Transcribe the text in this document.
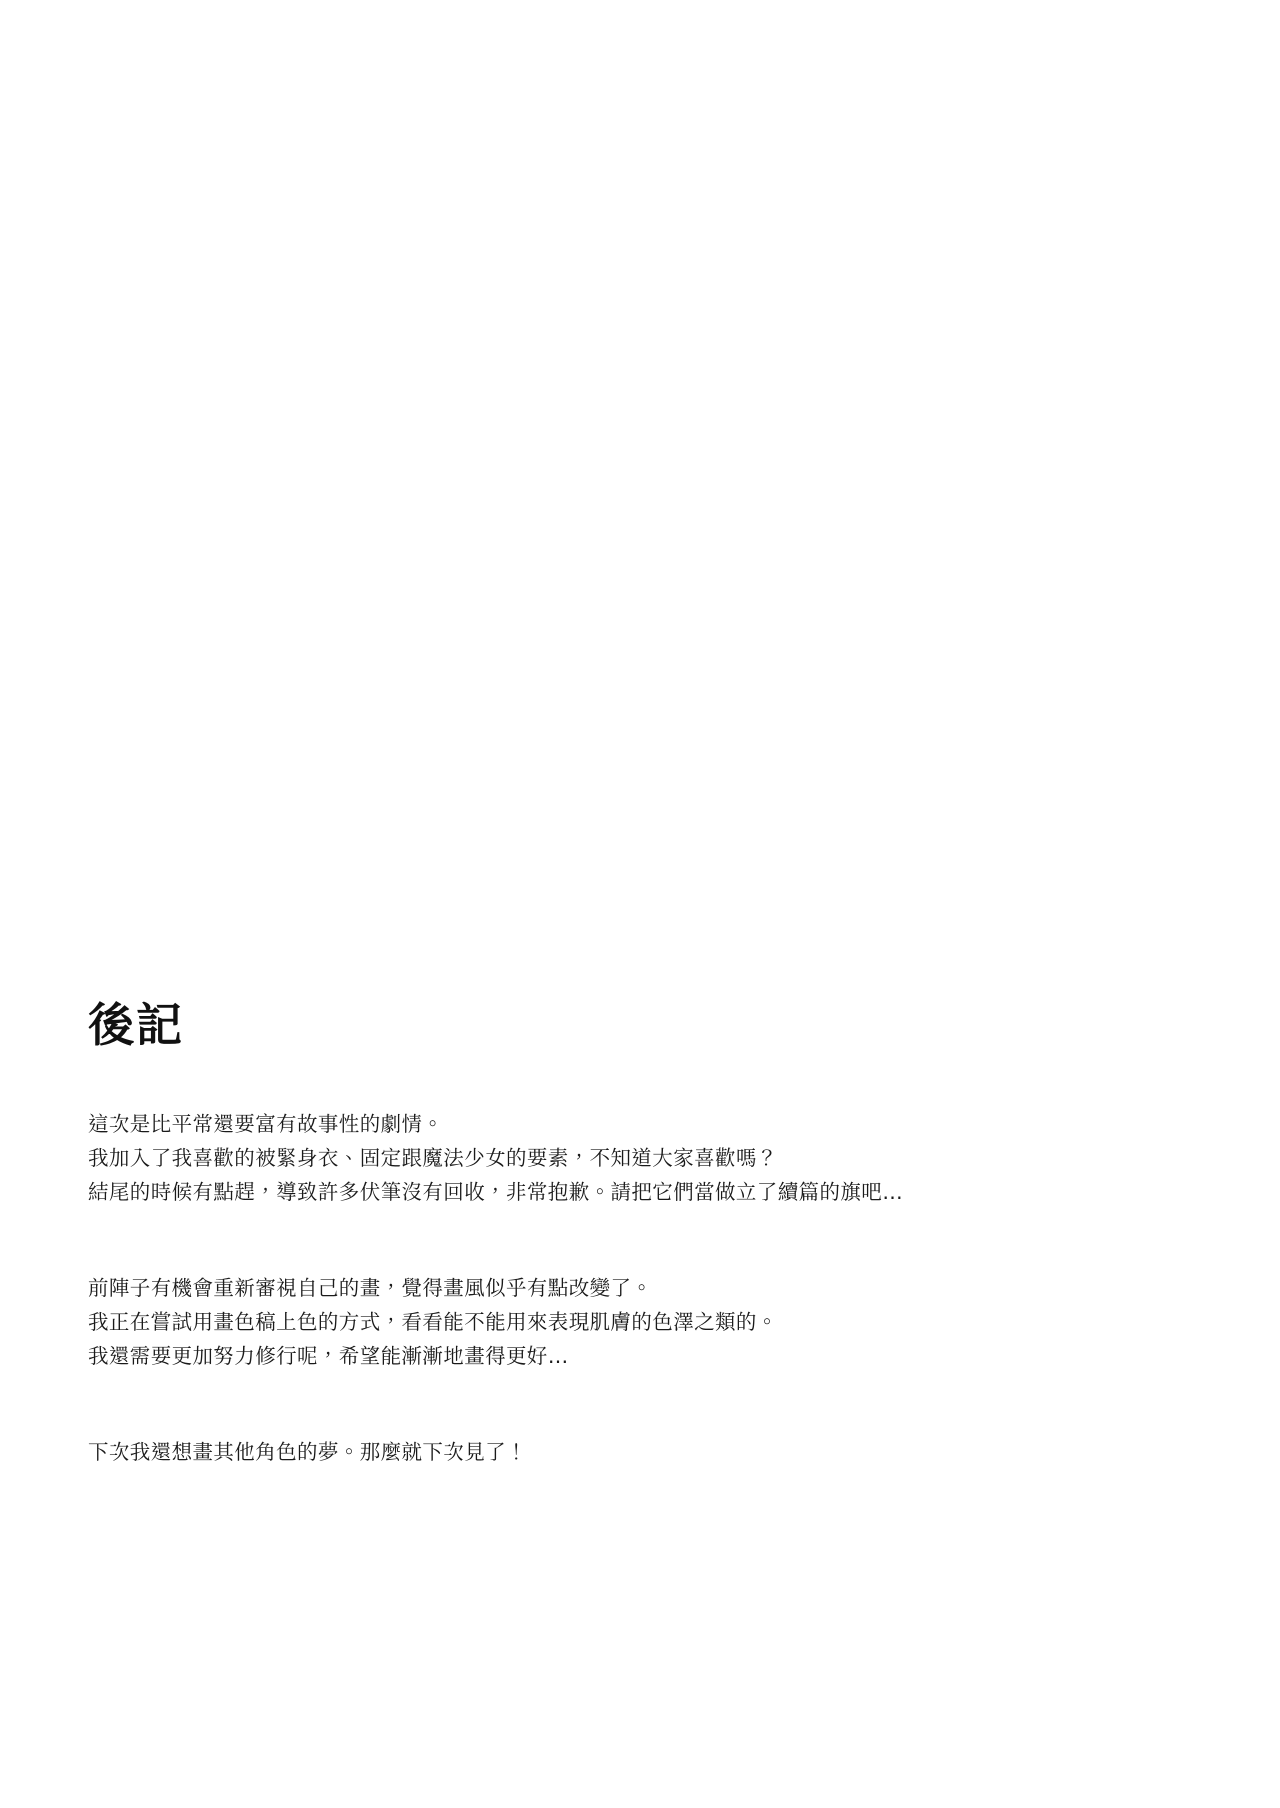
後記
這次是比平常還要富有故事性的劇情。
我加入了我喜歡的被緊身衣、固定跟魔法少女的要素，不知道大家喜歡嗎？
結尾的時候有點趕，導致許多伏筆沒有回收，非常抱歉。請把它們當做立了續篇的旗吧…
前陣子有機會重新審視自己的畫，覺得畫風似乎有點改變了。
我正在嘗試用畫色稿上色的方式，看看能不能用來表現肌膚的色澤之類的。
我還需要更加努力修行呢，希望能漸漸地畫得更好…
下次我還想畫其他角色的夢。那麼就下次見了！
